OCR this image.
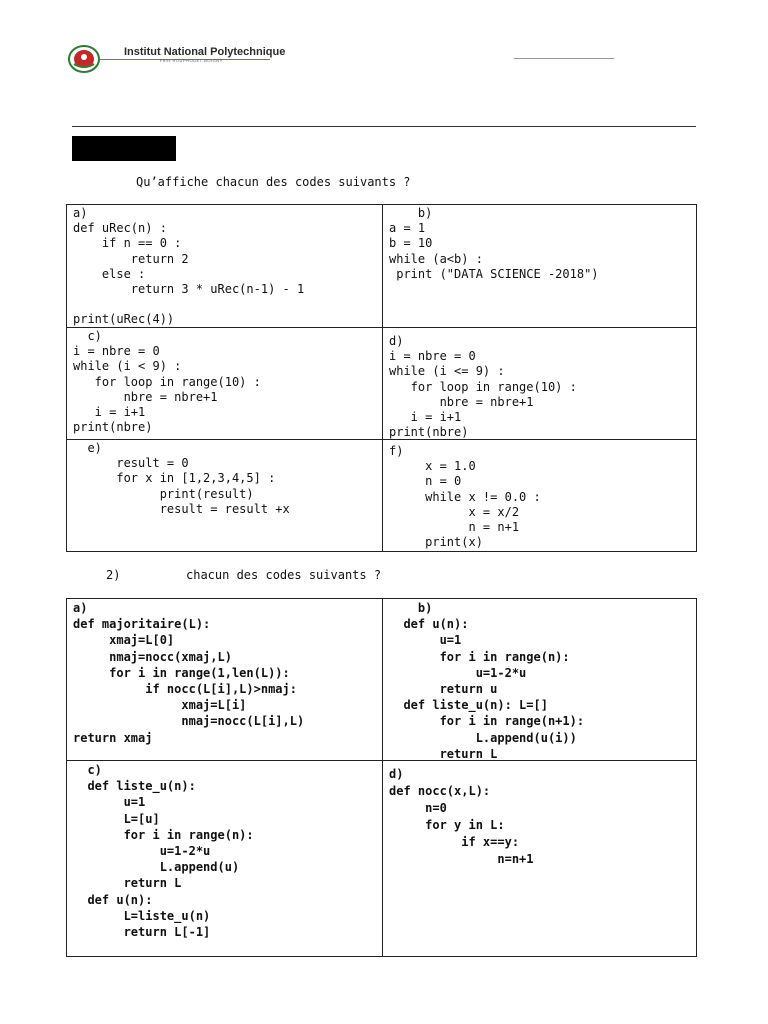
Institut National Polytechnique
Félix HOUPHOUËT-BOIGNY
Qu’affiche chacun des codes suivants ?
a)
def uRec(n) :
if n == 0 :
return 2
else :
return 3 * uRec(n-1) - 1

print(uRec(4))
b)
a = 1
b = 10
while (a<b) :
print ("DATA SCIENCE -2018")
c)
i = nbre = 0
while (i < 9) :
for loop in range(10) :
nbre = nbre+1
i = i+1
print(nbre)
d)
i = nbre = 0
while (i <= 9) :
for loop in range(10) :
nbre = nbre+1
i = i+1
print(nbre)
e)
result = 0
for x in [1,2,3,4,5] :
print(result)
result = result +x
f)
x = 1.0
n = 0
while x != 0.0 :
x = x/2
n = n+1
print(x)
2)	chacun des codes suivants ?
a)
def majoritaire(L):
xmaj=L[0]
nmaj=nocc(xmaj,L)
for i in range(1,len(L)):
if nocc(L[i],L)>nmaj:
xmaj=L[i]
nmaj=nocc(L[i],L)
return xmaj
b)
def u(n):
u=1
for i in range(n):
u=1-2*u
return u
def liste_u(n): L=[]
for i in range(n+1):
L.append(u(i))
return L
c)
def liste_u(n):
u=1
L=[u]
for i in range(n):
u=1-2*u
L.append(u)
return L
def u(n):
L=liste_u(n)
return L[-1]
d)
def nocc(x,L):
n=0
for y in L:
if x==y:
n=n+1
